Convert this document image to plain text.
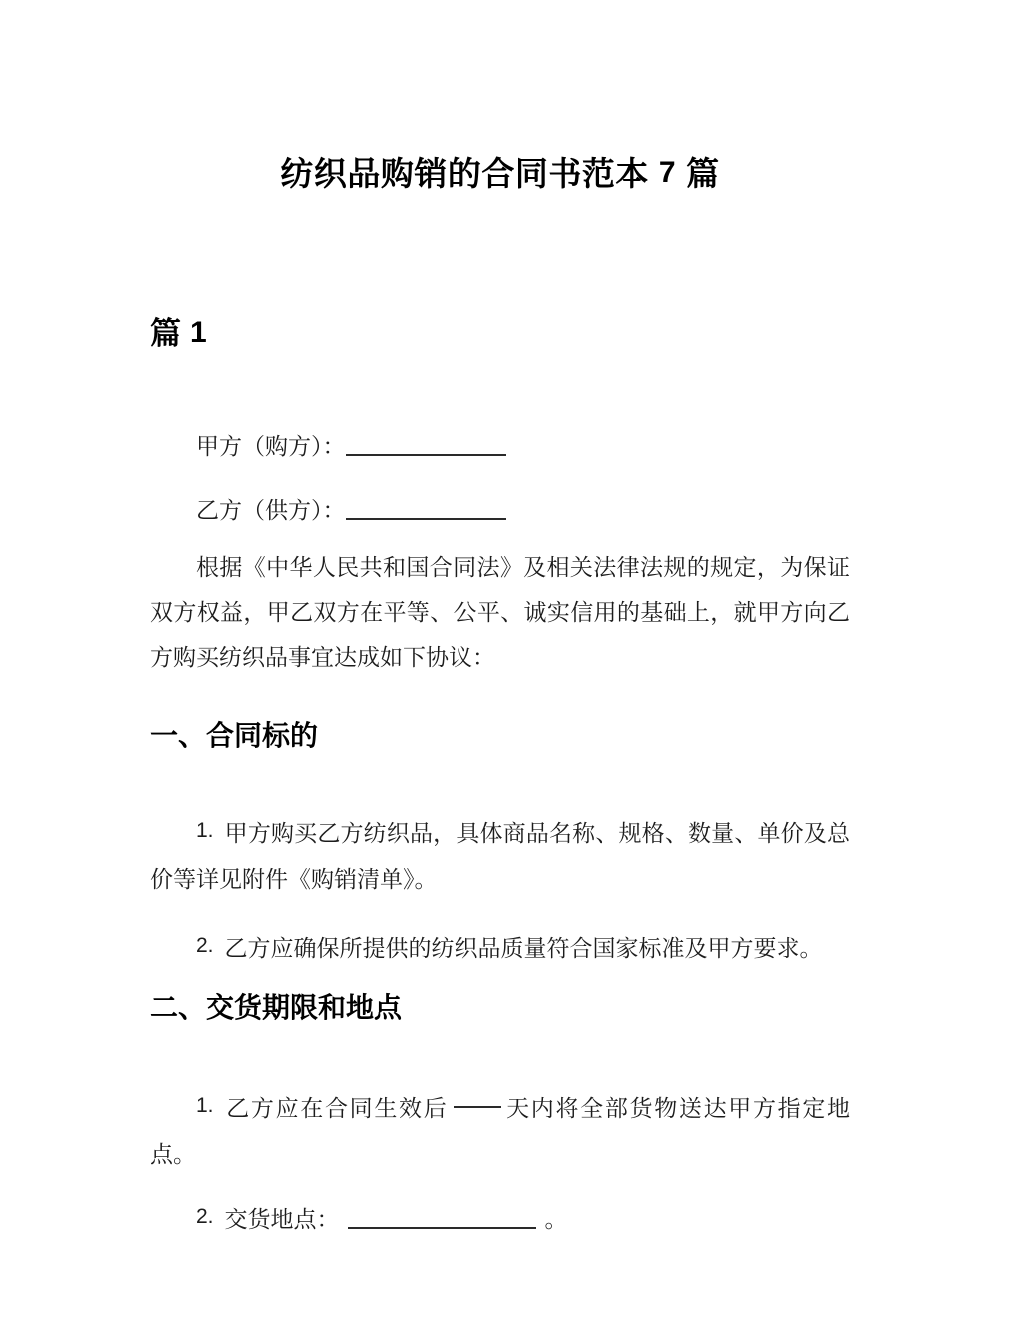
纺织品购销的合同书范本 7 篇
篇 1

甲方（购方）：

乙方（供方）：

根据《中华人民共和国合同法》及相关法律法规的规定，为保证双方权益，甲乙双方在平等、公平、诚实信用的基础上，就甲方向乙方购买纺织品事宜达成如下协议：

一、合同标的

1. 甲方购买乙方纺织品，具体商品名称、规格、数量、单价及总价等详见附件《购销清单》。

2. 乙方应确保所提供的纺织品质量符合国家标准及甲方要求。

二、交货期限和地点

1. 乙方应在合同生效后 天内将全部货物送达甲方指定地点。

2. 交货地点：	。
